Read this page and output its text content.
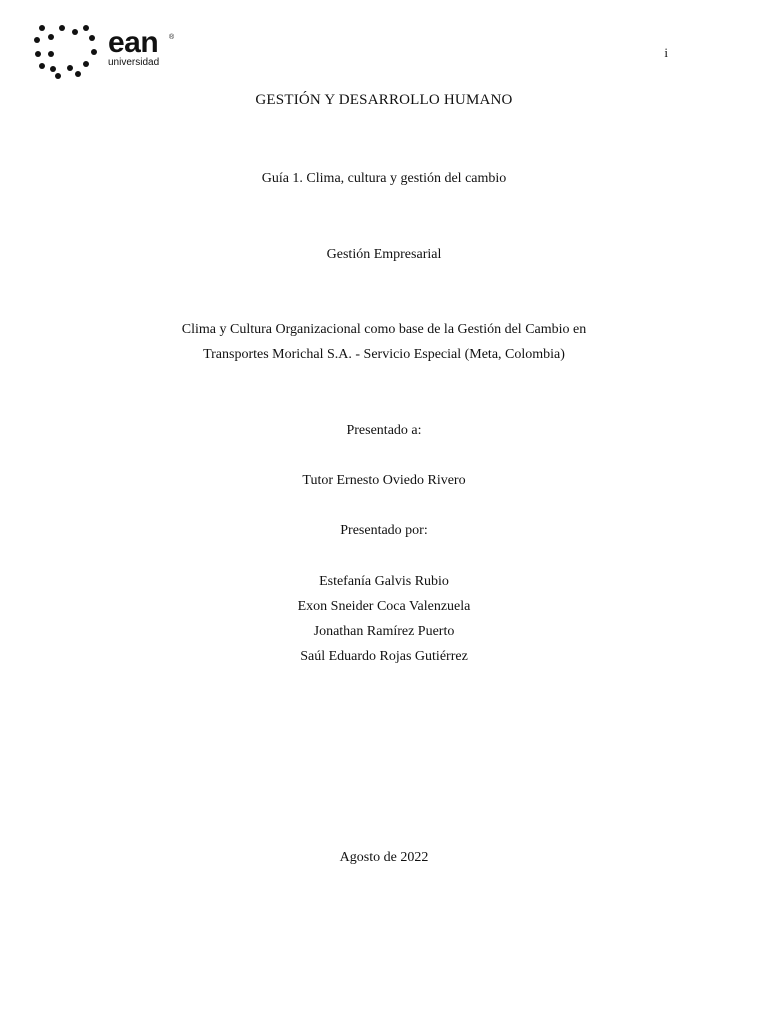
ean ®
universidad
i
GESTIÓN Y DESARROLLO HUMANO
Guía 1. Clima, cultura y gestión del cambio
Gestión Empresarial
Clima y Cultura Organizacional como base de la Gestión del Cambio en
Transportes Morichal S.A. - Servicio Especial (Meta, Colombia)
Presentado a:
Tutor Ernesto Oviedo Rivero
Presentado por:
Estefanía Galvis Rubio
Exon Sneider Coca Valenzuela
Jonathan Ramírez Puerto
Saúl Eduardo Rojas Gutiérrez
Agosto de 2022
